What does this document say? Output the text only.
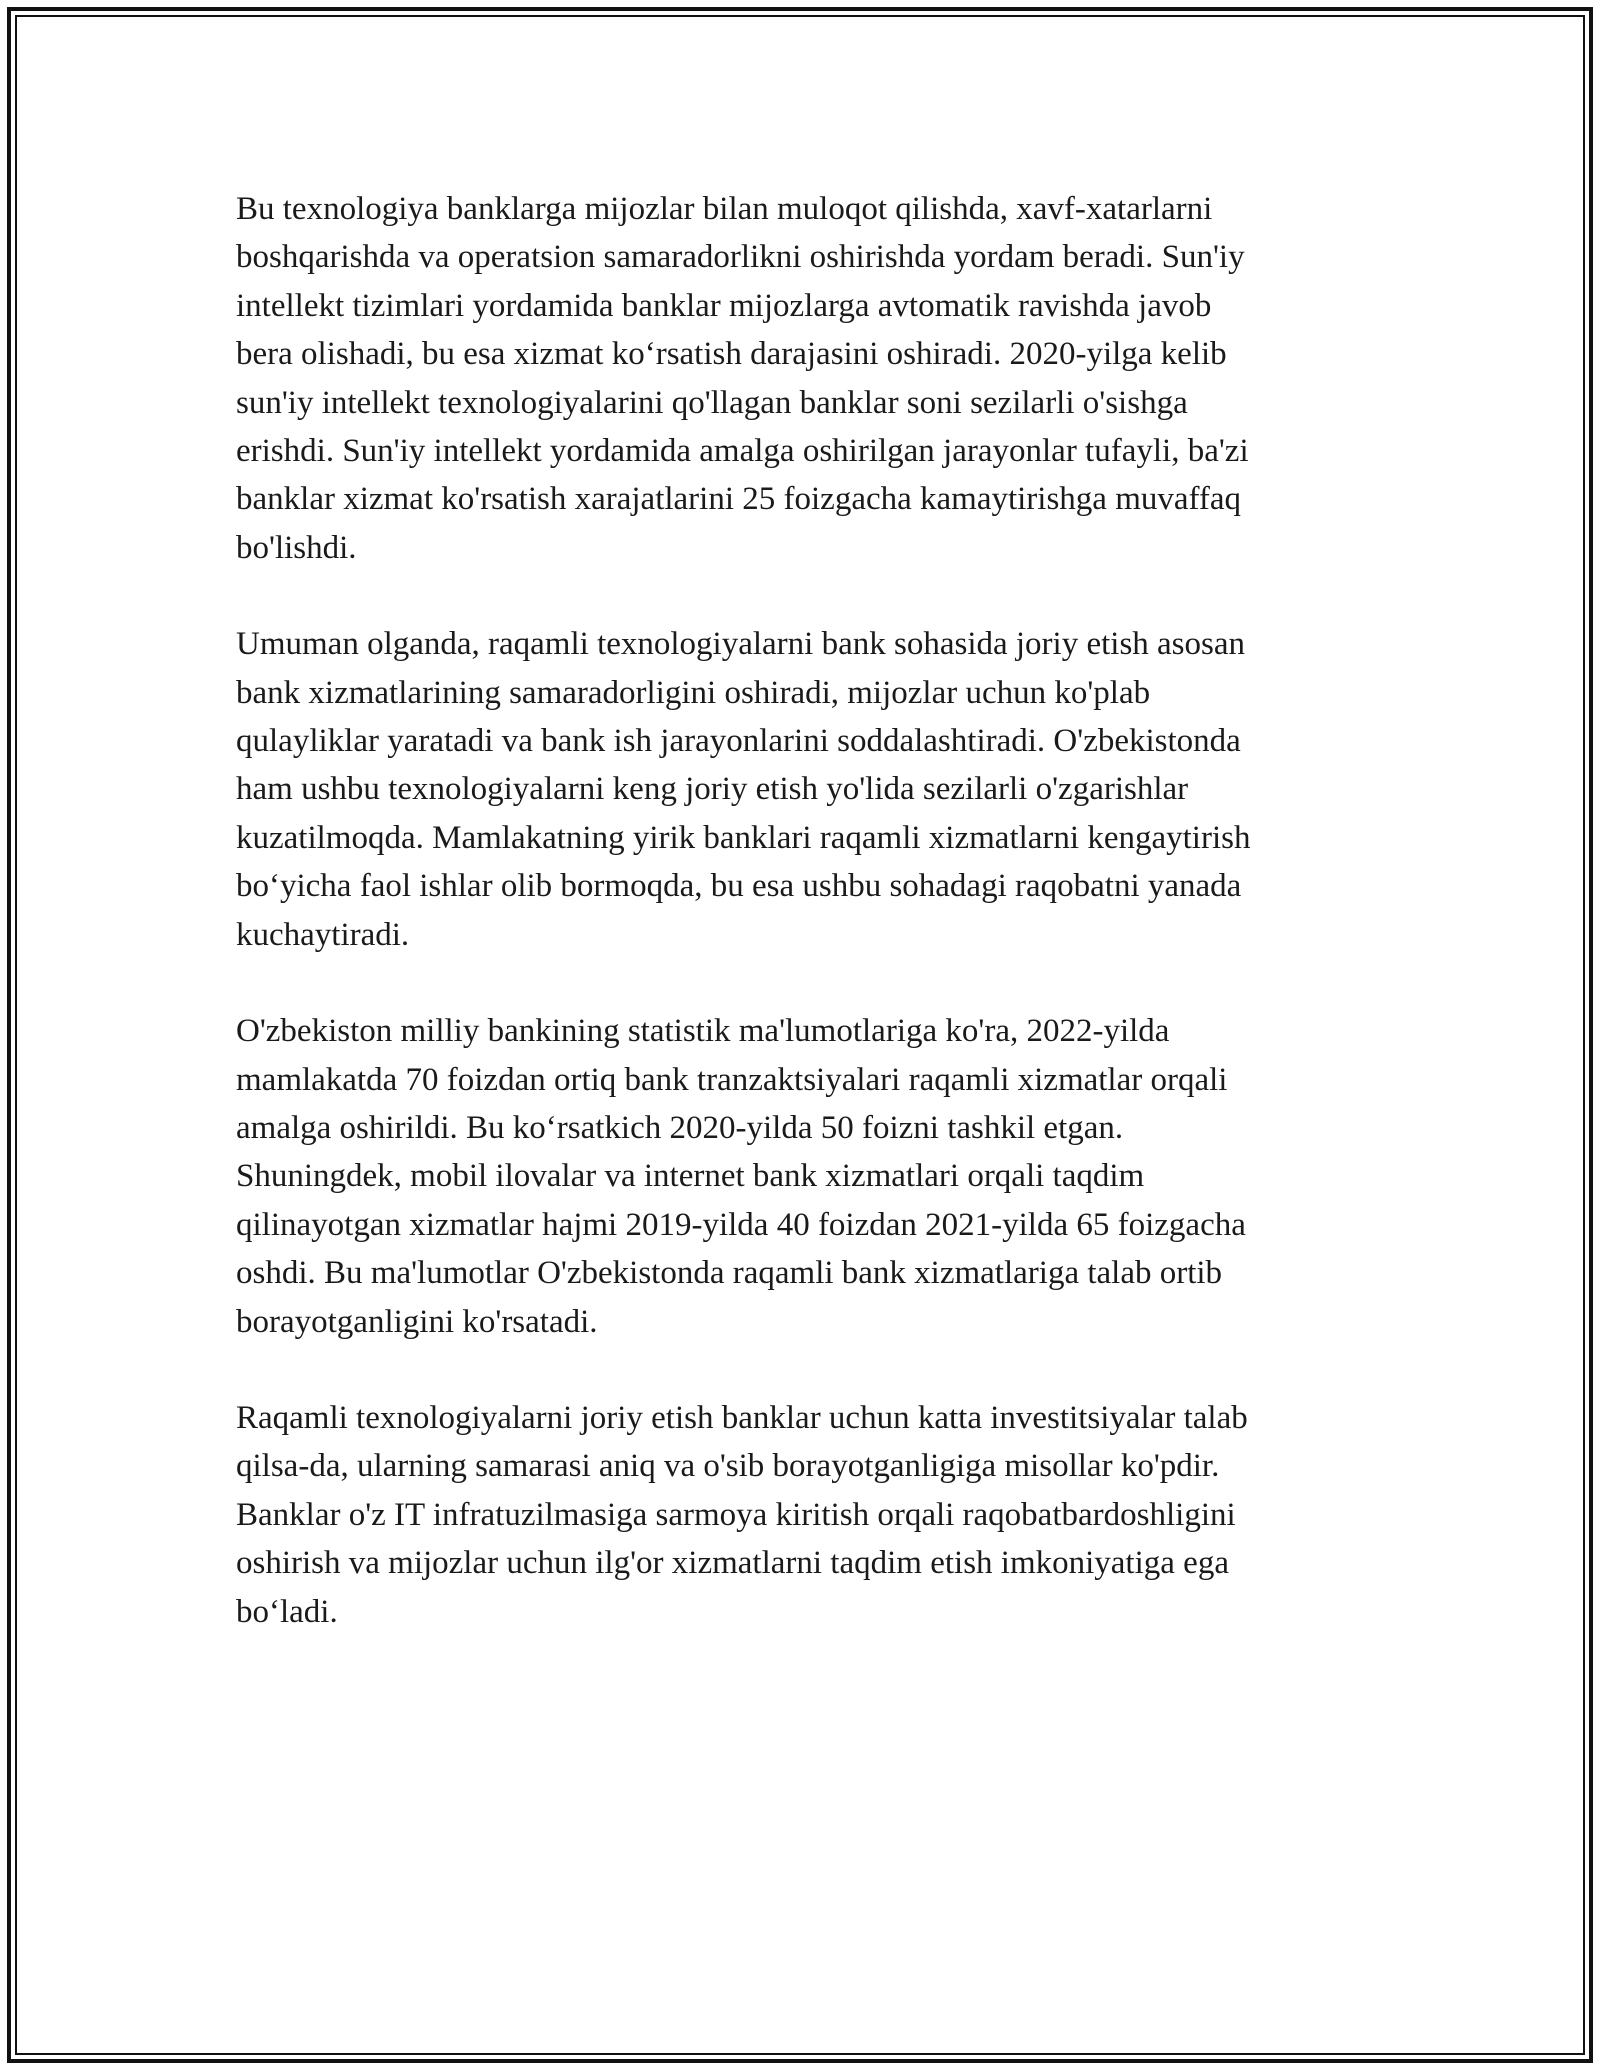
Bu texnologiya banklarga mijozlar bilan muloqot qilishda, xavf-xatarlarni
boshqarishda va operatsion samaradorlikni oshirishda yordam beradi. Sun'iy
intellekt tizimlari yordamida banklar mijozlarga avtomatik ravishda javob
bera olishadi, bu esa xizmat ko‘rsatish darajasini oshiradi. 2020-yilga kelib
sun'iy intellekt texnologiyalarini qo'llagan banklar soni sezilarli o'sishga
erishdi. Sun'iy intellekt yordamida amalga oshirilgan jarayonlar tufayli, ba'zi
banklar xizmat ko'rsatish xarajatlarini 25 foizgacha kamaytirishga muvaffaq
bo'lishdi.

Umuman olganda, raqamli texnologiyalarni bank sohasida joriy etish asosan
bank xizmatlarining samaradorligini oshiradi, mijozlar uchun ko'plab
qulayliklar yaratadi va bank ish jarayonlarini soddalashtiradi. O'zbekistonda
ham ushbu texnologiyalarni keng joriy etish yo'lida sezilarli o'zgarishlar
kuzatilmoqda. Mamlakatning yirik banklari raqamli xizmatlarni kengaytirish
bo‘yicha faol ishlar olib bormoqda, bu esa ushbu sohadagi raqobatni yanada
kuchaytiradi.

O'zbekiston milliy bankining statistik ma'lumotlariga ko'ra, 2022-yilda
mamlakatda 70 foizdan ortiq bank tranzaktsiyalari raqamli xizmatlar orqali
amalga oshirildi. Bu ko‘rsatkich 2020-yilda 50 foizni tashkil etgan.
Shuningdek, mobil ilovalar va internet bank xizmatlari orqali taqdim
qilinayotgan xizmatlar hajmi 2019-yilda 40 foizdan 2021-yilda 65 foizgacha
oshdi. Bu ma'lumotlar O'zbekistonda raqamli bank xizmatlariga talab ortib
borayotganligini ko'rsatadi.

Raqamli texnologiyalarni joriy etish banklar uchun katta investitsiyalar talab
qilsa-da, ularning samarasi aniq va o'sib borayotganligiga misollar ko'pdir.
Banklar o'z IT infratuzilmasiga sarmoya kiritish orqali raqobatbardoshligini
oshirish va mijozlar uchun ilg'or xizmatlarni taqdim etish imkoniyatiga ega
bo‘ladi.
